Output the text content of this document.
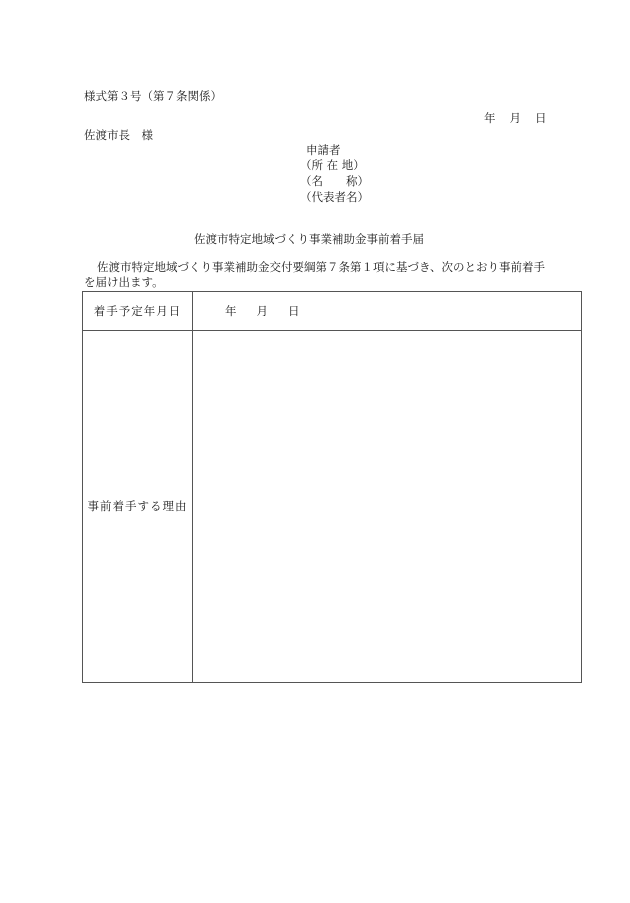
様式第３号（第７条関係）
年 月 日
佐渡市長　様
申請者
（所 在 地）
（名　　称）
（代表者名）
佐渡市特定地域づくり事業補助金事前着手届
佐渡市特定地域づくり事業補助金交付要綱第７条第１項に基づき、次のとおり事前着手を届け出ます。
着手予定年月日	年 月 日
事前着手する理由
